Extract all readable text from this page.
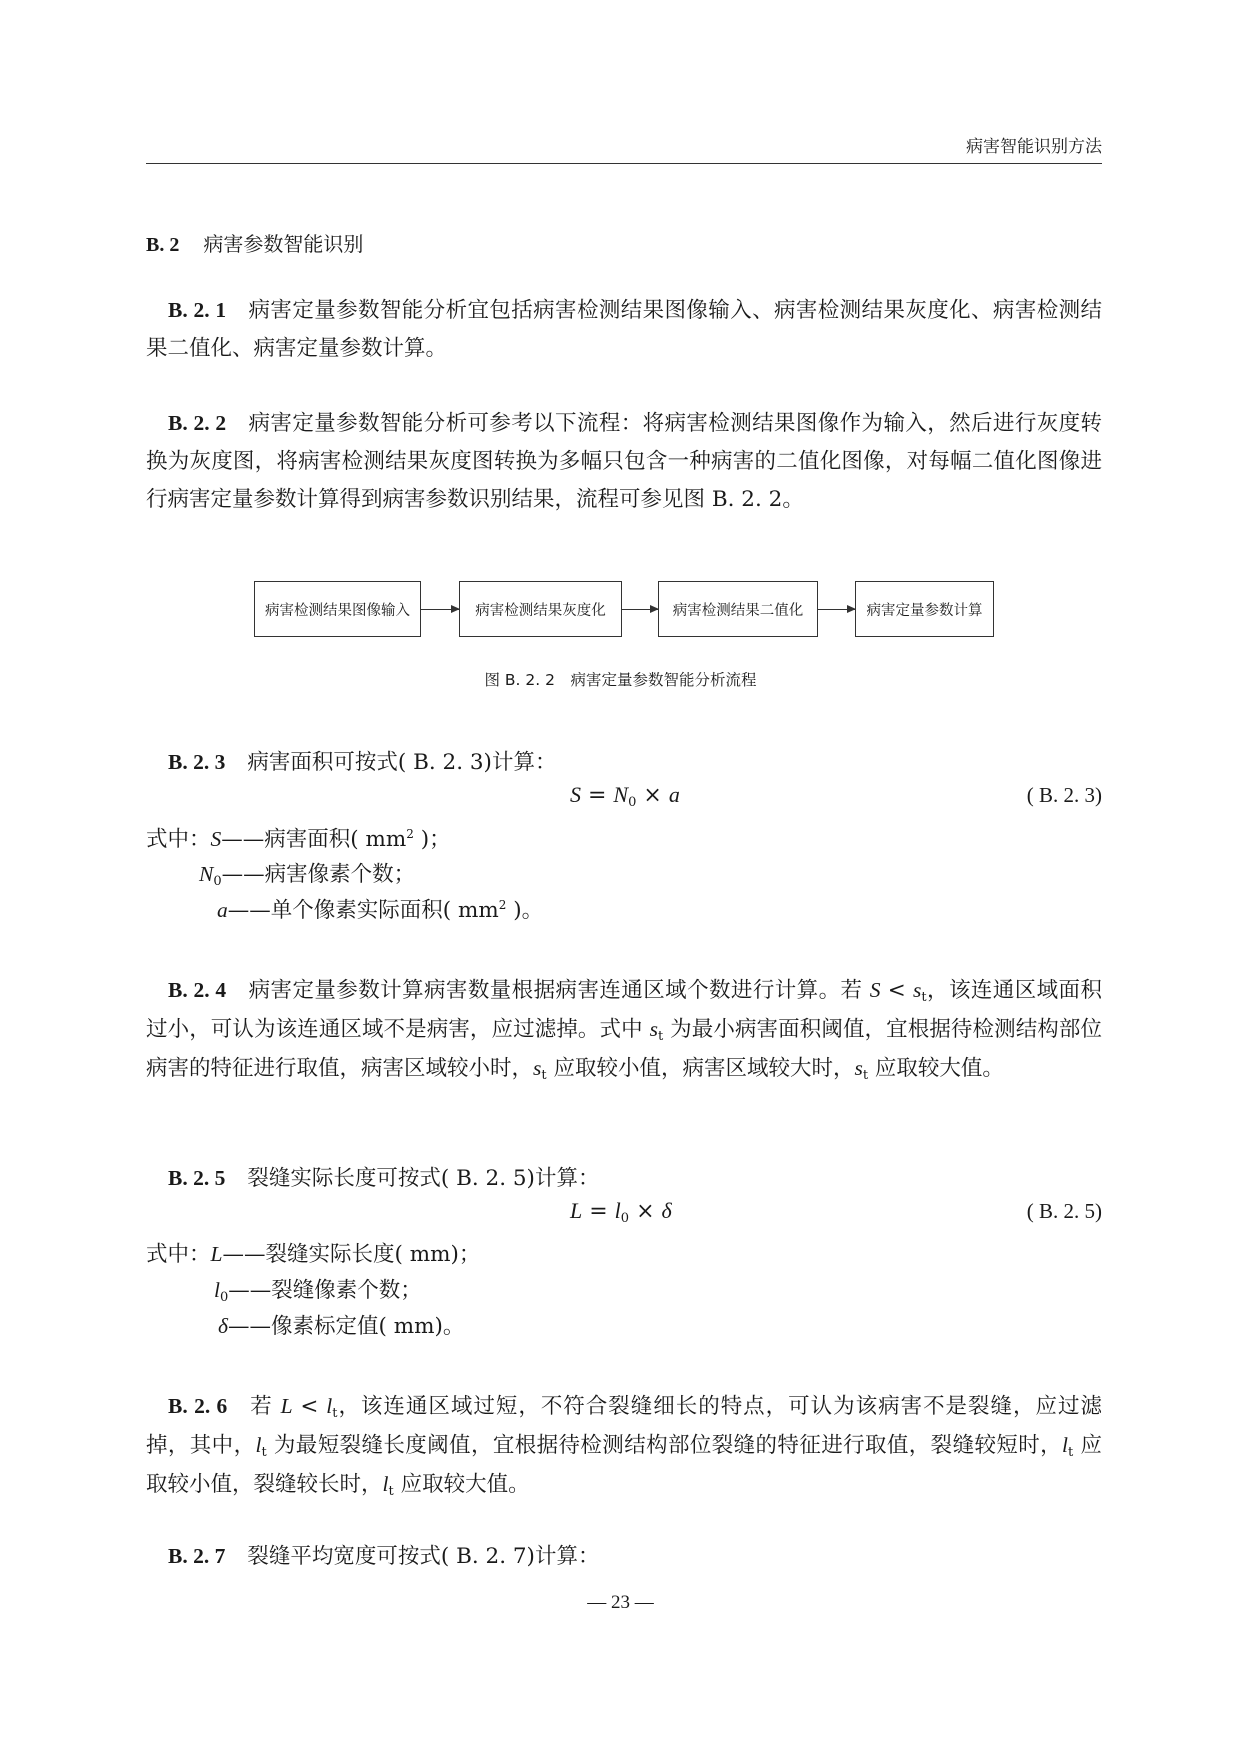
病害智能识别方法
B. 2 病害参数智能识别
B. 2. 1 病害定量参数智能分析宜包括病害检测结果图像输入、病害检测结果灰度化、病害检测结果二值化、病害定量参数计算。
B. 2. 2 病害定量参数智能分析可参考以下流程：将病害检测结果图像作为输入，然后进行灰度转换为灰度图，将病害检测结果灰度图转换为多幅只包含一种病害的二值化图像，对每幅二值化图像进行病害定量参数计算得到病害参数识别结果，流程可参见图 B. 2. 2。
病害检测结果图像输入	病害检测结果灰度化	病害检测结果二值化	病害定量参数计算
图 B. 2. 2　病害定量参数智能分析流程
B. 2. 3 病害面积可按式( B. 2. 3)计算：
$S = N_0 \times a$	( B. 2. 3)
式中：S——病害面积( $mm^2$ )；
$N_0——$病害像素个数；
a——单个像素实际面积( $mm^2$ )。
B. 2. 4 病害定量参数计算病害数量根据病害连通区域个数进行计算。若 $S < s_t$，该连通区域面积过小，可认为该连通区域不是病害，应过滤掉。式中 $s_t$ 为最小病害面积阈值，宜根据待检测结构部位病害的特征进行取值，病害区域较小时，$s_t$ 应取较小值，病害区域较大时，$s_t$ 应取较大值。
B. 2. 5 裂缝实际长度可按式( B. 2. 5)计算：
$L = l_0 \times \delta$	( B. 2. 5)
式中：L——裂缝实际长度( mm)；
$l_0——$裂缝像素个数；
δ——像素标定值( mm)。
B. 2. 6 若 $L < l_t$，该连通区域过短，不符合裂缝细长的特点，可认为该病害不是裂缝，应过滤掉，其中，$l_t$ 为最短裂缝长度阈值，宜根据待检测结构部位裂缝的特征进行取值，裂缝较短时，$l_t$ 应取较小值，裂缝较长时，$l_t$ 应取较大值。
B. 2. 7 裂缝平均宽度可按式( B. 2. 7)计算：
— 23 —
